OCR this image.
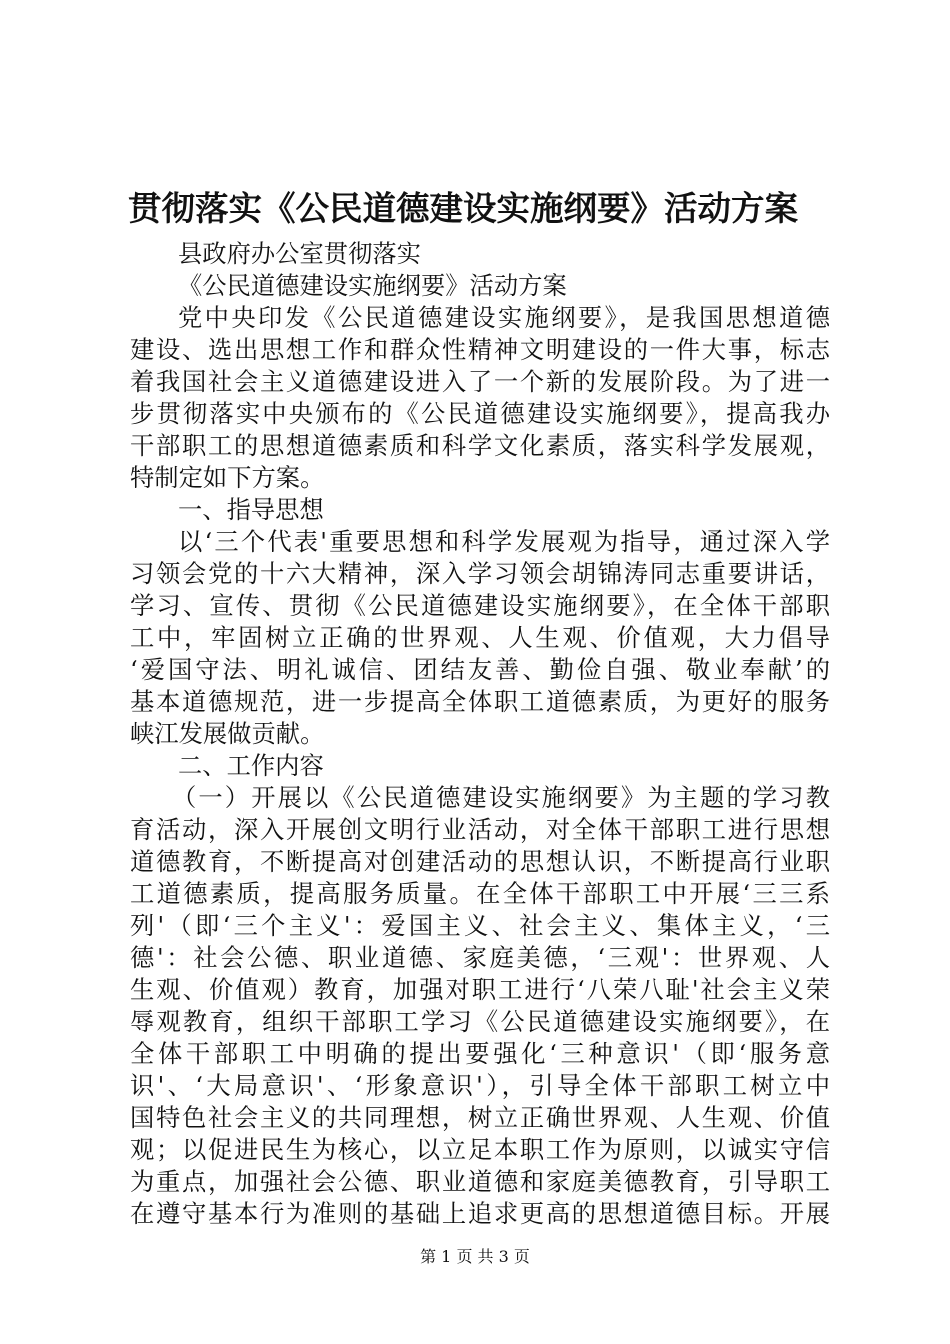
贯彻落实《公民道德建设实施纲要》活动方案
县政府办公室贯彻落实
《公民道德建设实施纲要》活动方案
党中央印发《公民道德建设实施纲要》，是我国思想道德
建设、选出思想工作和群众性精神文明建设的一件大事，标志
着我国社会主义道德建设进入了一个新的发展阶段。为了进一
步贯彻落实中央颁布的《公民道德建设实施纲要》，提高我办
干部职工的思想道德素质和科学文化素质，落实科学发展观，
特制定如下方案。
一、指导思想
以‘三个代表'重要思想和科学发展观为指导，通过深入学
习领会党的十六大精神，深入学习领会胡锦涛同志重要讲话，
学习、宣传、贯彻《公民道德建设实施纲要》，在全体干部职
工中，牢固树立正确的世界观、人生观、价值观，大力倡导
‘爱国守法、明礼诚信、团结友善、勤俭自强、敬业奉献’的
基本道德规范，进一步提高全体职工道德素质，为更好的服务
峡江发展做贡献。
二、工作内容
（一）开展以《公民道德建设实施纲要》为主题的学习教
育活动，深入开展创文明行业活动，对全体干部职工进行思想
道德教育，不断提高对创建活动的思想认识，不断提高行业职
工道德素质，提高服务质量。在全体干部职工中开展‘三三系
列'（即‘三个主义'：爱国主义、社会主义、集体主义，‘三
德'：社会公德、职业道德、家庭美德，‘三观'：世界观、人
生观、价值观）教育，加强对职工进行‘八荣八耻'社会主义荣
辱观教育，组织干部职工学习《公民道德建设实施纲要》，在
全体干部职工中明确的提出要强化‘三种意识'（即‘服务意
识'、‘大局意识'、‘形象意识'），引导全体干部职工树立中
国特色社会主义的共同理想，树立正确世界观、人生观、价值
观；以促进民生为核心，以立足本职工作为原则，以诚实守信
为重点，加强社会公德、职业道德和家庭美德教育，引导职工
在遵守基本行为准则的基础上追求更高的思想道德目标。开展
第 1 页 共 3 页
